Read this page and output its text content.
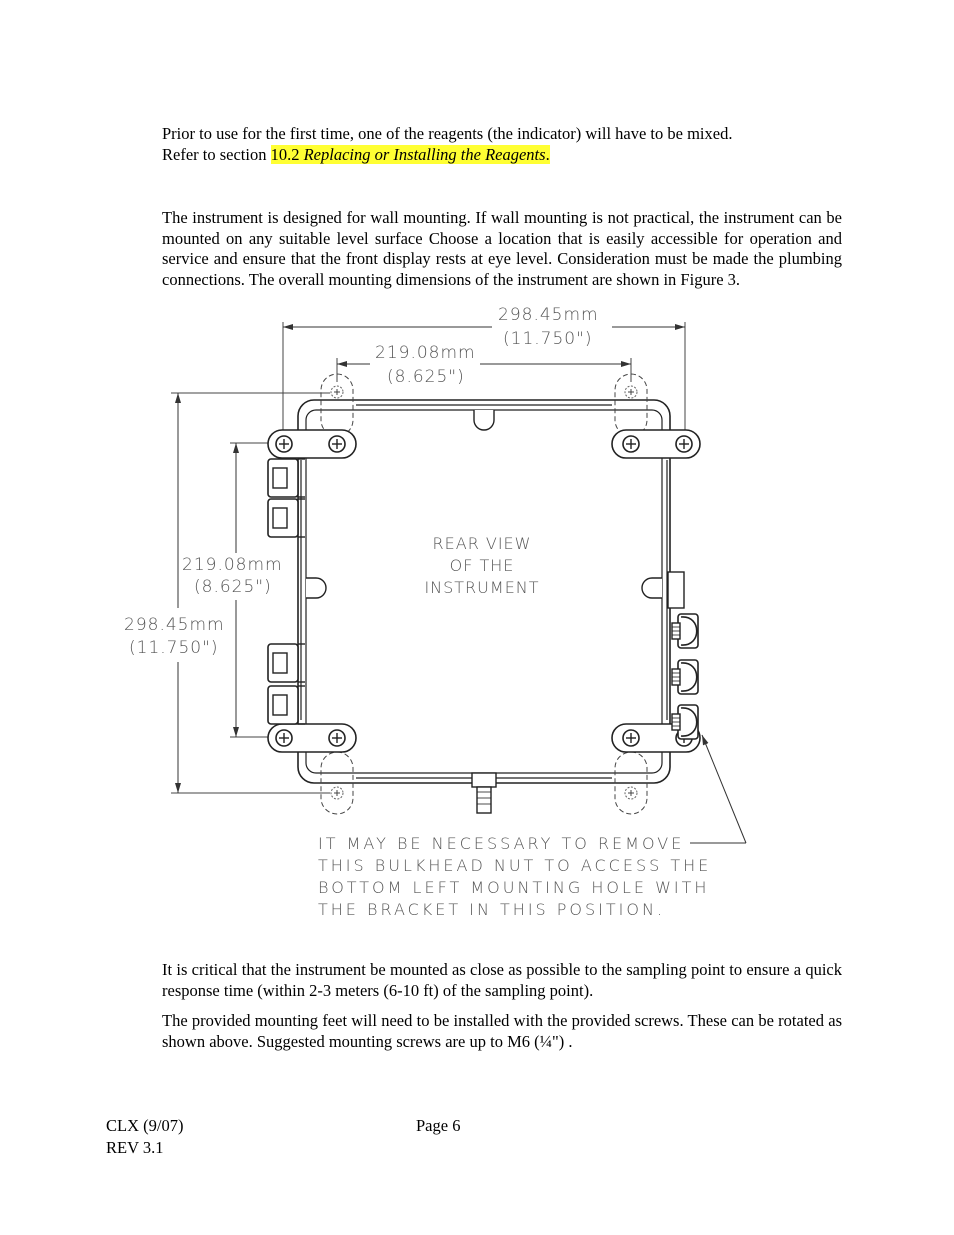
Prior to use for the first time, one of the reagents (the indicator) will have to be mixed.
Refer to section 10.2 Replacing or Installing the Reagents.

The instrument is designed for wall mounting. If wall mounting is not practical, the instrument can be mounted on any suitable level surface Choose a location that is easily accessible for operation and service and ensure that the front display rests at eye level. Consideration must be made the plumbing connections. The overall mounting dimensions of the instrument are shown in Figure 3.

298.45mm
(11.750")
219.08mm
(8.625")
298.45mm
(11.750")
219.08mm
(8.625")
REAR VIEW
OF THE
INSTRUMENT
IT MAY BE NECESSARY TO REMOVE
THIS BULKHEAD NUT TO ACCESS THE
BOTTOM LEFT MOUNTING HOLE WITH
THE BRACKET IN THIS POSITION.

It is critical that the instrument be mounted as close as possible to the sampling point to ensure a quick response time (within 2-3 meters (6-10 ft) of the sampling point).

The provided mounting feet will need to be installed with the provided screws. These can be rotated as shown above. Suggested mounting screws are up to M6 (¼") .

CLX (9/07)
REV 3.1
Page 6
